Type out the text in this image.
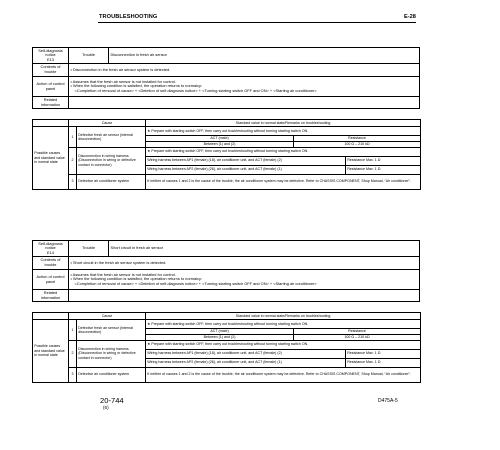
TROUBLESHOOTING	E-28
Self-diagnosis notice
E13	Trouble	Disconnection in fresh air sensor
Contents of trouble	• Disconnection in the fresh air sensor system is detected.	
Action of control panel	• Assumes that the fresh air sensor is not installed for control.
• When the following condition is satisfied, the operation returns to normalcy:

<Completion of removal of cause> + <Deletion of self-diagnosis notice> + <Turning starting switch OFF and ON> + <Starting air conditioner>	

Related information		
	Cause		Standard value in normal state/Remarks on troubleshooting		
Possible causes and standard value in normal state	1	Defective fresh air sensor (internal disconnection)	★ Prepare with starting switch OFF, then carry out troubleshooting without turning starting switch ON.		
			ACT (male)	Resistance	
			Between (1) and (2)	100 Ω – 210 kΩ	
	2	Disconnection in wiring harness (Disconnection in wiring or defective contact in connector)	★ Prepare with starting switch OFF, then carry out troubleshooting without turning starting switch ON.		
			Wiring harness between AP1 (female) (18), air conditioner unit, and ACT (female) (2)		Resistance Max. 1 Ω
			Wiring harness between AP2 (female) (26), air conditioner unit, and ACT (female) (1)		Resistance Max. 1 Ω
	3	Defective air conditioner system	If neither of causes 1 and 2 is the cause of the trouble, the air conditioner system may be defective. Refer to CHASSIS COMPONENT, Shop Manual, “Air conditioner”.		
Self-diagnosis notice
E14	Trouble	Short circuit in fresh air sensor
Contents of trouble	• Short circuit in the fresh air sensor system is detected.	
Action of control panel	• Assumes that the fresh air sensor is not installed for control.
• When the following condition is satisfied, the operation returns to normalcy:

<Completion of removal of cause> + <Deletion of self-diagnosis notice> + <Turning starting switch OFF and ON> + <Starting air conditioner>	

Related information		
	Cause		Standard value in normal state/Remarks on troubleshooting		
Possible causes and standard value in normal state	1	Defective fresh air sensor (internal disconnection)	★ Prepare with starting switch OFF, then carry out troubleshooting without turning starting switch ON.		
			ACT (male)	Resistance	
			Between (1) and (2)	100 Ω – 210 kΩ	
	2	Disconnection in wiring harness (Disconnection in wiring or defective contact in connector)	★ Prepare with starting switch OFF, then carry out troubleshooting without turning starting switch ON.		
			Wiring harness between AP1 (female) (18), air conditioner unit, and ACT (female) (2)		Resistance Max. 1 Ω
			Wiring harness between AP2 (female) (26), air conditioner unit, and ACT (female) (1)		Resistance Max. 1 Ω
	3	Defective air conditioner system	If neither of causes 1 and 2 is the cause of the trouble, the air conditioner system may be defective. Refer to CHASSIS COMPONENT, Shop Manual, “Air conditioner”.		
20-744
(6)
D475A-5
